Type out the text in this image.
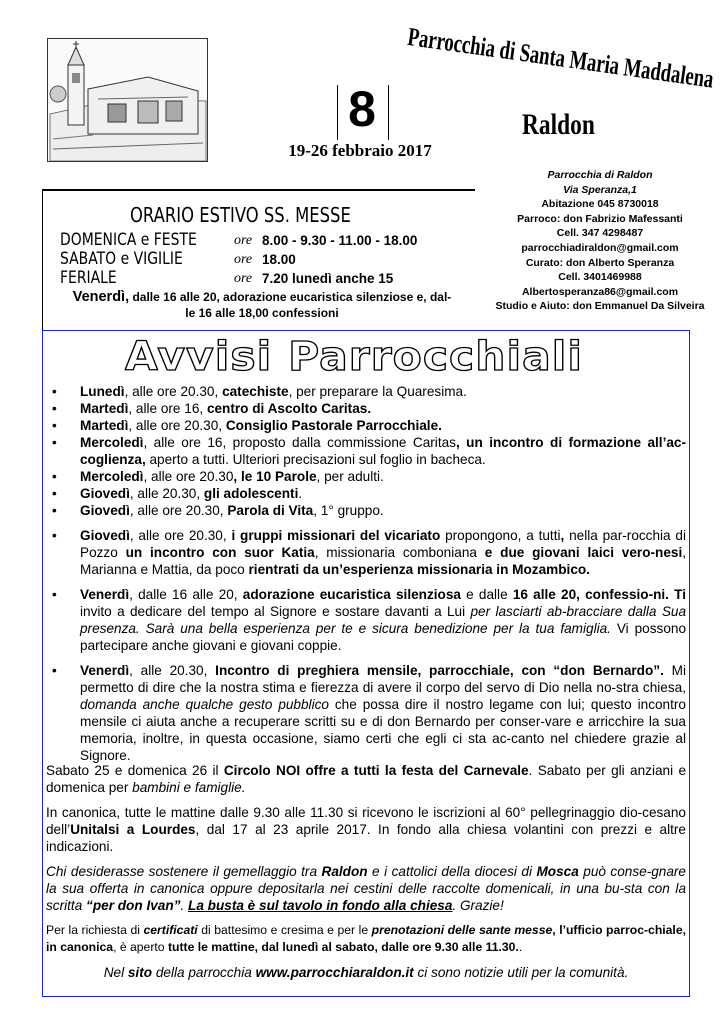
8
19-26 febbraio 2017
Parrocchia di Santa Maria Maddalena
Raldon
Parrocchia di Raldon
Via Speranza,1
Abitazione 045 8730018
Parroco: don Fabrizio Mafessanti
Cell. 347 4298487
parrocchiadiraldon@gmail.com
Curato: don Alberto Speranza
Cell. 3401469988
Albertosperanza86@gmail.com
Studio e Aiuto: don Emmanuel Da Silveira
ORARIO ESTIVO SS. MESSE
DOMENICA e FESTE	ore 8.00 - 9.30 - 11.00 - 18.00
SABATO e VIGILIE	ore 18.00
FERIALE	ore 7.20 lunedì anche 15
Venerdì, dalle 16 alle 20, adorazione eucaristica silenziose e, dal-
le 16 alle 18,00 confessioni
Avvisi Parrocchiali
• Lunedì, alle ore 20.30, catechiste, per preparare la Quaresima.
• Martedì, alle ore 16, centro di Ascolto Caritas.
• Martedì, alle ore 20.30, Consiglio Pastorale Parrocchiale.
• Mercoledì, alle ore 16, proposto dalla commissione Caritas, un incontro di formazione all’ac-coglienza, aperto a tutti. Ulteriori precisazioni sul foglio in bacheca.
• Mercoledì, alle ore 20.30, le 10 Parole, per adulti.
• Giovedì, alle 20.30, gli adolescenti.
• Giovedì, alle ore 20.30, Parola di Vita, 1° gruppo.
• Giovedì, alle ore 20.30, i gruppi missionari del vicariato propongono, a tutti, nella par-rocchia di Pozzo un incontro con suor Katia, missionaria comboniana e due giovani laici vero-nesi, Marianna e Mattia, da poco rientrati da un’esperienza missionaria in Mozambico.
• Venerdì, dalle 16 alle 20, adorazione eucaristica silenziosa e dalle 16 alle 20, confessio-ni. Ti invito a dedicare del tempo al Signore e sostare davanti a Lui per lasciarti ab-bracciare dalla Sua presenza. Sarà una bella esperienza per te e sicura benedizione per la tua famiglia. Vi possono partecipare anche giovani e giovani coppie.
• Venerdì, alle 20.30, Incontro di preghiera mensile, parrocchiale, con “don Bernardo”. Mi permetto di dire che la nostra stima e fierezza di avere il corpo del servo di Dio nella no-stra chiesa, domanda anche qualche gesto pubblico che possa dire il nostro legame con lui; questo incontro mensile ci aiuta anche a recuperare scritti su e di don Bernardo per conser-vare e arricchire la sua memoria, inoltre, in questa occasione, siamo certi che egli ci sta ac-canto nel chiedere grazie al Signore.

Sabato 25 e domenica 26 il Circolo NOI offre a tutti la festa del Carnevale. Sabato per gli anziani e domenica per bambini e famiglie.

In canonica, tutte le mattine dalle 9.30 alle 11.30 si ricevono le iscrizioni al 60° pellegrinaggio dio-cesano dell’Unitalsi a Lourdes, dal 17 al 23 aprile 2017. In fondo alla chiesa volantini con prezzi e altre indicazioni.

Chi desiderasse sostenere il gemellaggio tra Raldon e i cattolici della diocesi di Mosca può conse-gnare la sua offerta in canonica oppure depositarla nei cestini delle raccolte domenicali, in una bu-sta con la scritta “per don Ivan”. La busta è sul tavolo in fondo alla chiesa. Grazie!

Per la richiesta di certificati di battesimo e cresima e per le prenotazioni delle sante messe, l’ufficio parroc-chiale, in canonica, è aperto tutte le mattine, dal lunedì al sabato, dalle ore 9.30 alle 11.30..

Nel sito della parrocchia www.parrocchiaraldon.it ci sono notizie utili per la comunità.
